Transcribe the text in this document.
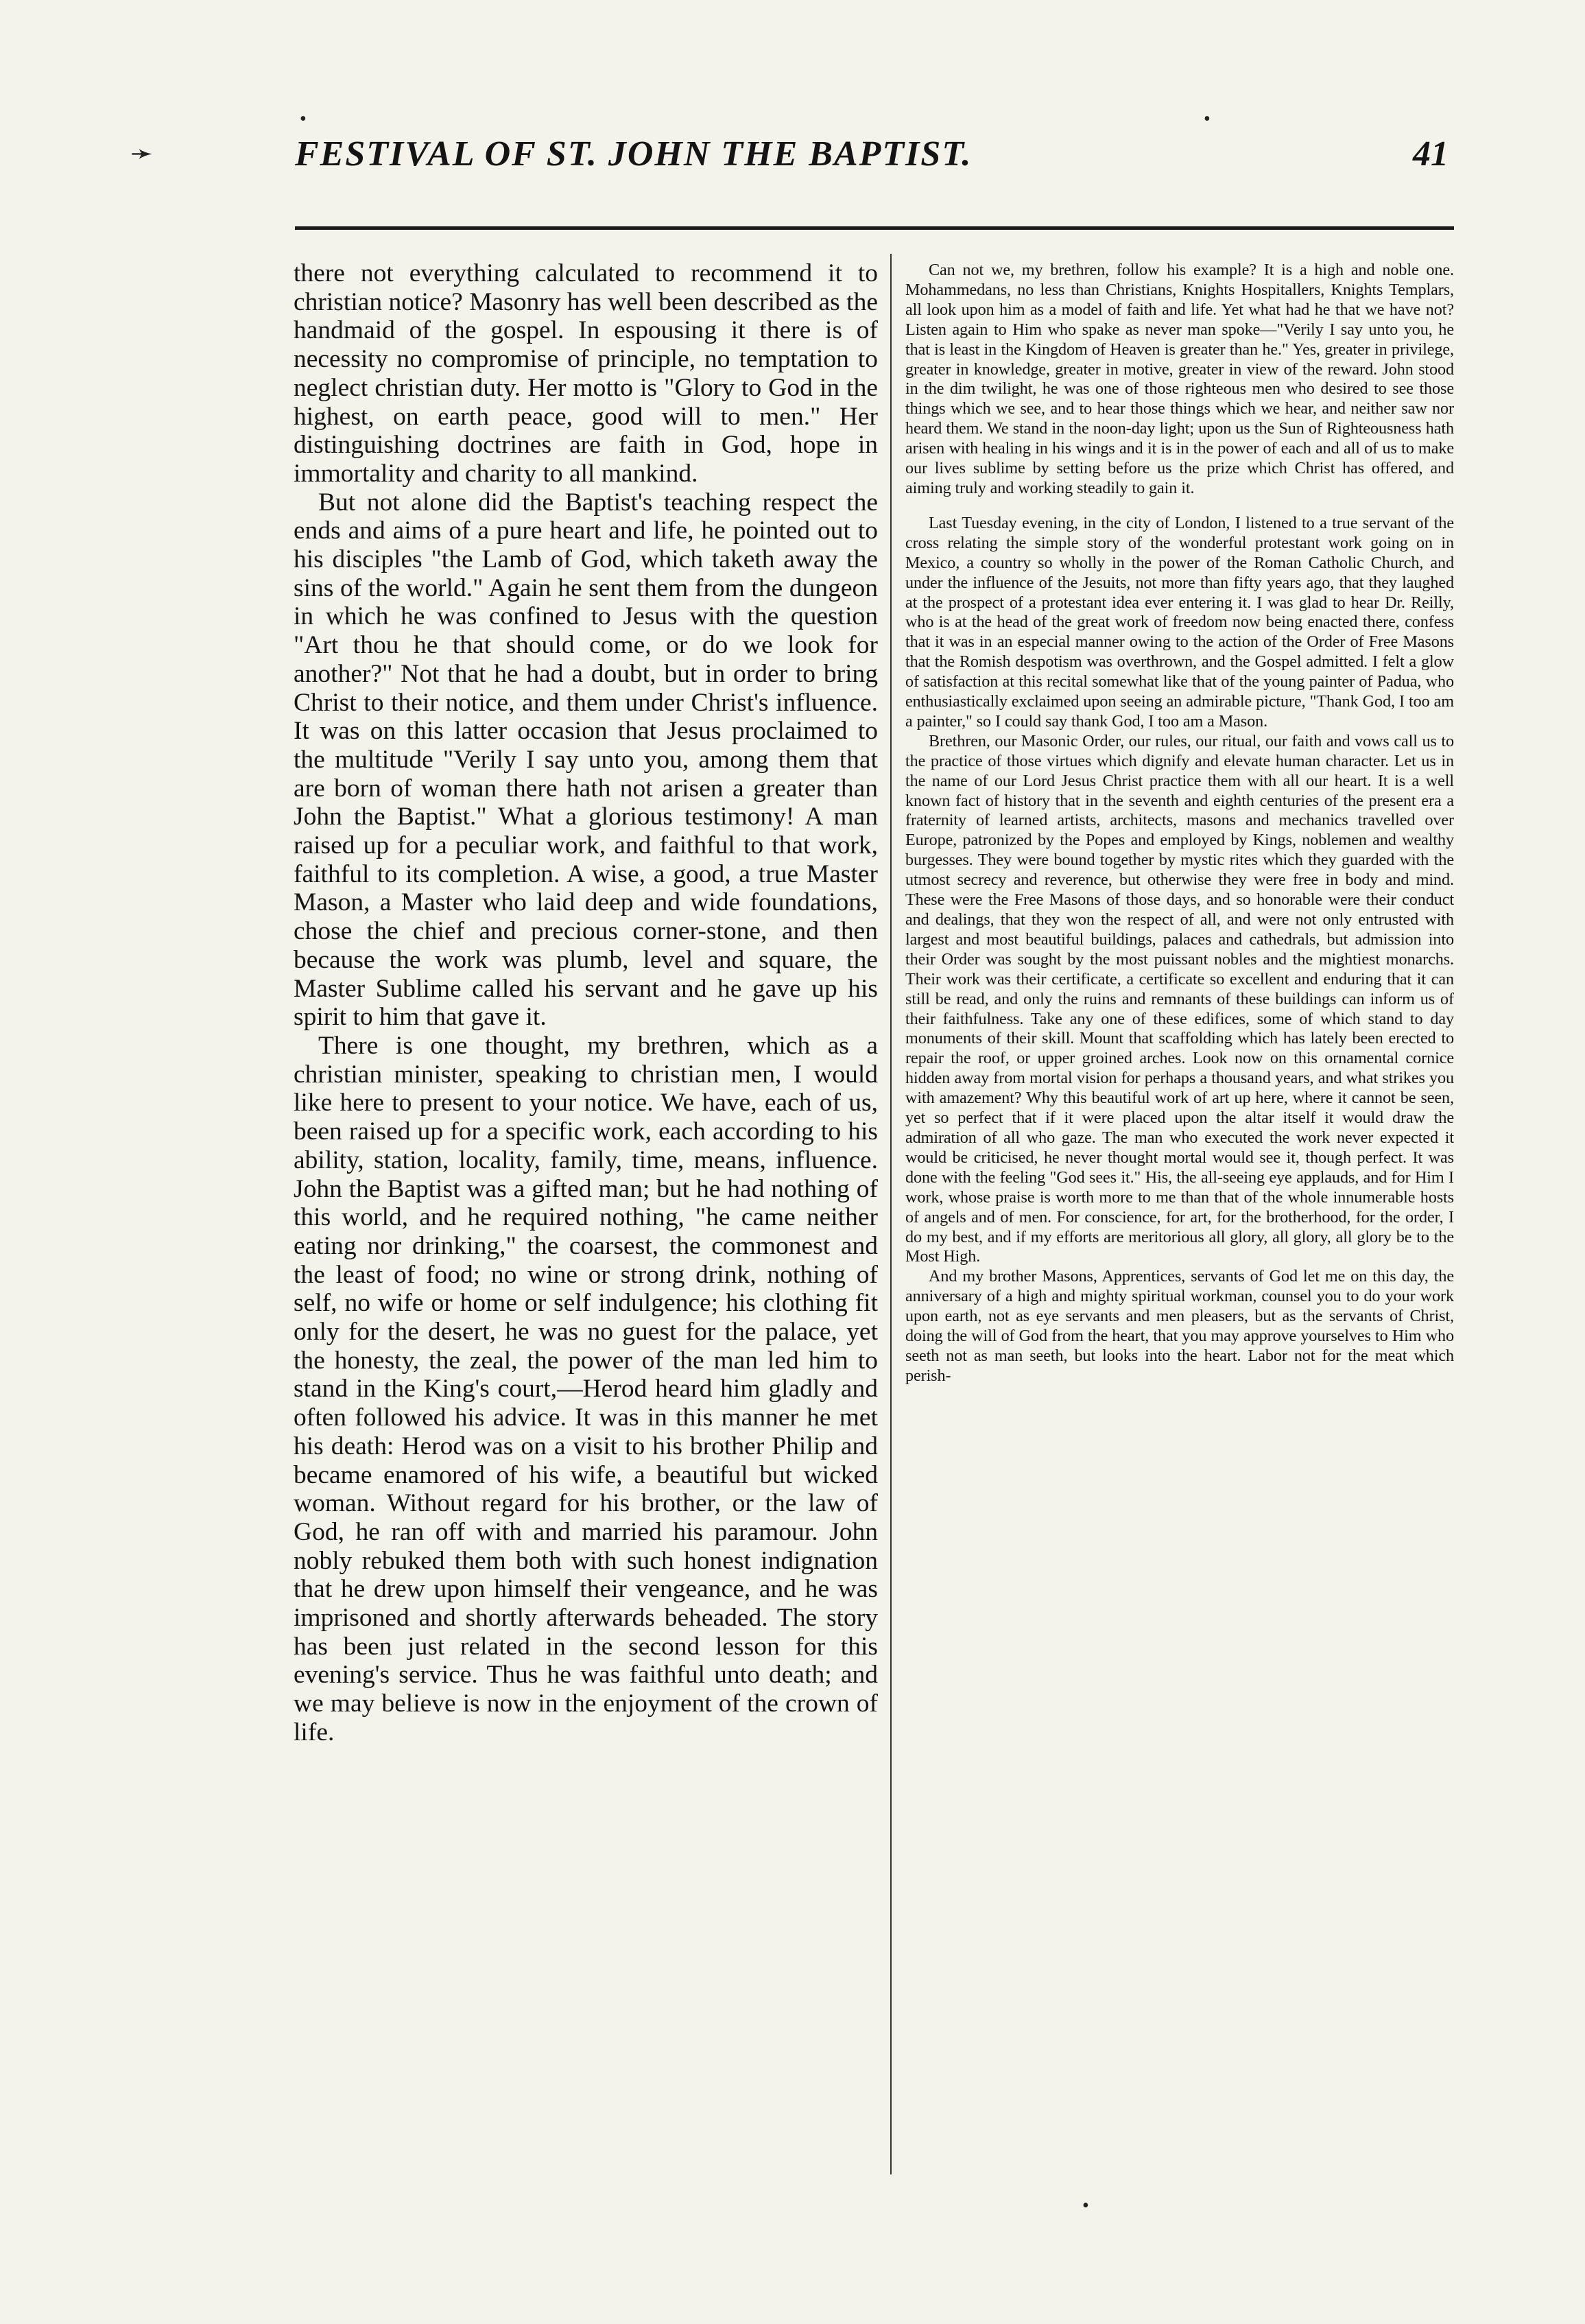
•
➛
•
FESTIVAL OF ST. JOHN THE BAPTIST.	41

there not everything calculated to recommend it to christian notice? Masonry has well been described as the handmaid of the gospel. In espousing it there is of necessity no compromise of principle, no temptation to neglect christian duty. Her motto is "Glory to God in the highest, on earth peace, good will to men." Her distinguishing doctrines are faith in God, hope in immortality and charity to all mankind.

But not alone did the Baptist's teaching respect the ends and aims of a pure heart and life, he pointed out to his disciples "the Lamb of God, which taketh away the sins of the world." Again he sent them from the dungeon in which he was confined to Jesus with the question "Art thou he that should come, or do we look for another?" Not that he had a doubt, but in order to bring Christ to their notice, and them under Christ's influence. It was on this latter occasion that Jesus proclaimed to the multitude "Verily I say unto you, among them that are born of woman there hath not arisen a greater than John the Baptist." What a glorious testimony! A man raised up for a peculiar work, and faithful to that work, faithful to its completion. A wise, a good, a true Master Mason, a Master who laid deep and wide foundations, chose the chief and precious corner-stone, and then because the work was plumb, level and square, the Master Sublime called his servant and he gave up his spirit to him that gave it.

There is one thought, my brethren, which as a christian minister, speaking to christian men, I would like here to present to your notice. We have, each of us, been raised up for a specific work, each according to his ability, station, locality, family, time, means, influence. John the Baptist was a gifted man; but he had nothing of this world, and he required nothing, "he came neither eating nor drinking," the coarsest, the commonest and the least of food; no wine or strong drink, nothing of self, no wife or home or self indulgence; his clothing fit only for the desert, he was no guest for the palace, yet the honesty, the zeal, the power of the man led him to stand in the King's court,—Herod heard him gladly and often followed his advice. It was in this manner he met his death: Herod was on a visit to his brother Philip and became enamored of his wife, a beautiful but wicked woman. Without regard for his brother, or the law of God, he ran off with and married his paramour. John nobly rebuked them both with such honest indignation that he drew upon himself their vengeance, and he was imprisoned and shortly afterwards beheaded. The story has been just related in the second lesson for this evening's service. Thus he was faithful unto death; and we may believe is now in the enjoyment of the crown of life.

Can not we, my brethren, follow his example? It is a high and noble one. Mohammedans, no less than Christians, Knights Hospitallers, Knights Templars, all look upon him as a model of faith and life. Yet what had he that we have not? Listen again to Him who spake as never man spoke—"Verily I say unto you, he that is least in the Kingdom of Heaven is greater than he." Yes, greater in privilege, greater in knowledge, greater in motive, greater in view of the reward. John stood in the dim twilight, he was one of those righteous men who desired to see those things which we see, and to hear those things which we hear, and neither saw nor heard them. We stand in the noon-day light; upon us the Sun of Righteousness hath arisen with healing in his wings and it is in the power of each and all of us to make our lives sublime by setting before us the prize which Christ has offered, and aiming truly and working steadily to gain it.

Last Tuesday evening, in the city of London, I listened to a true servant of the cross relating the simple story of the wonderful protestant work going on in Mexico, a country so wholly in the power of the Roman Catholic Church, and under the influence of the Jesuits, not more than fifty years ago, that they laughed at the prospect of a protestant idea ever entering it. I was glad to hear Dr. Reilly, who is at the head of the great work of freedom now being enacted there, confess that it was in an especial manner owing to the action of the Order of Free Masons that the Romish despotism was overthrown, and the Gospel admitted. I felt a glow of satisfaction at this recital somewhat like that of the young painter of Padua, who enthusiastically exclaimed upon seeing an admirable picture, "Thank God, I too am a painter," so I could say thank God, I too am a Mason.

Brethren, our Masonic Order, our rules, our ritual, our faith and vows call us to the practice of those virtues which dignify and elevate human character. Let us in the name of our Lord Jesus Christ practice them with all our heart. It is a well known fact of history that in the seventh and eighth centuries of the present era a fraternity of learned artists, architects, masons and mechanics travelled over Europe, patronized by the Popes and employed by Kings, noblemen and wealthy burgesses. They were bound together by mystic rites which they guarded with the utmost secrecy and reverence, but otherwise they were free in body and mind. These were the Free Masons of those days, and so honorable were their conduct and dealings, that they won the respect of all, and were not only entrusted with largest and most beautiful buildings, palaces and cathedrals, but admission into their Order was sought by the most puissant nobles and the mightiest monarchs. Their work was their certificate, a certificate so excellent and enduring that it can still be read, and only the ruins and remnants of these buildings can inform us of their faithfulness. Take any one of these edifices, some of which stand to day monuments of their skill. Mount that scaffolding which has lately been erected to repair the roof, or upper groined arches. Look now on this ornamental cornice hidden away from mortal vision for perhaps a thousand years, and what strikes you with amazement? Why this beautiful work of art up here, where it cannot be seen, yet so perfect that if it were placed upon the altar itself it would draw the admiration of all who gaze. The man who executed the work never expected it would be criticised, he never thought mortal would see it, though perfect. It was done with the feeling "God sees it." His, the all-seeing eye applauds, and for Him I work, whose praise is worth more to me than that of the whole innumerable hosts of angels and of men. For conscience, for art, for the brotherhood, for the order, I do my best, and if my efforts are meritorious all glory, all glory, all glory be to the Most High.

And my brother Masons, Apprentices, servants of God let me on this day, the anniversary of a high and mighty spiritual workman, counsel you to do your work upon earth, not as eye servants and men pleasers, but as the servants of Christ, doing the will of God from the heart, that you may approve yourselves to Him who seeth not as man seeth, but looks into the heart. Labor not for the meat which perish-

•
